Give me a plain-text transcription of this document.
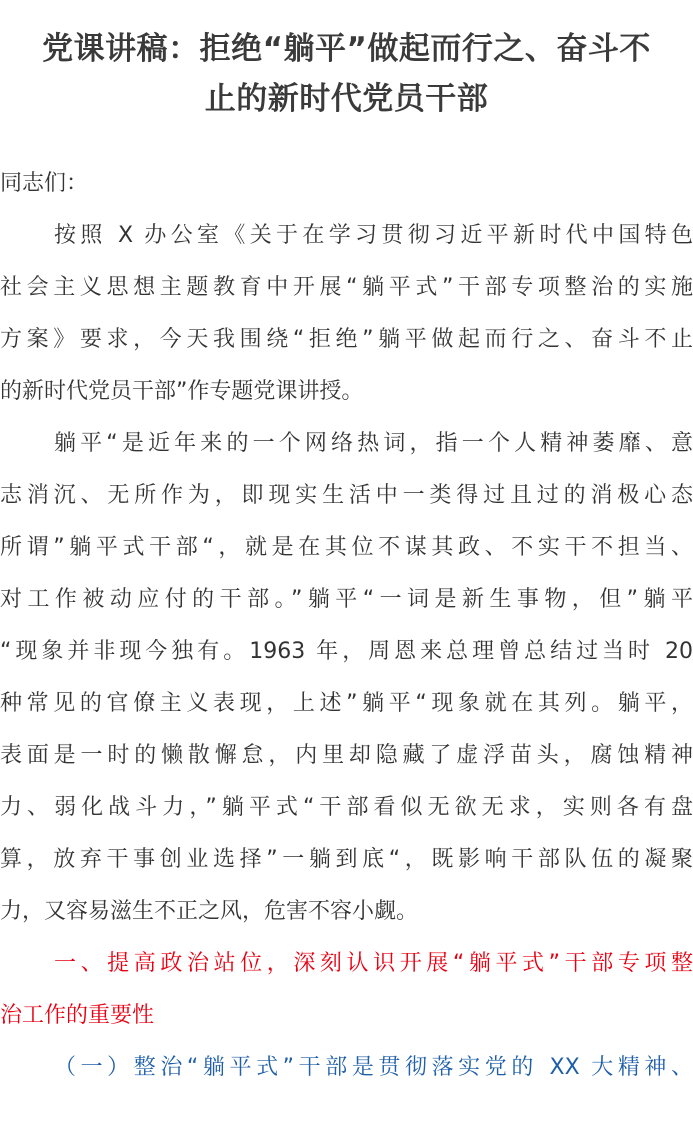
党课讲稿：拒绝“躺平”做起而行之、奋斗不
止的新时代党员干部

同志们：

按照 X 办公室《关于在学习贯彻习近平新时代中国特色
社会主义思想主题教育中开展“躺平式”干部专项整治的实施
方案》要求，今天我围绕“拒绝”躺平做起而行之、奋斗不止
的新时代党员干部”作专题党课讲授。

躺平“是近年来的一个网络热词，指一个人精神萎靡、意
志消沉、无所作为，即现实生活中一类得过且过的消极心态
所谓”躺平式干部“，就是在其位不谋其政、不实干不担当、
对工作被动应付的干部。”躺平“一词是新生事物，但”躺平
“现象并非现今独有。1963 年，周恩来总理曾总结过当时 20
种常见的官僚主义表现，上述”躺平“现象就在其列。躺平，
表面是一时的懒散懈怠，内里却隐藏了虚浮苗头，腐蚀精神
力、弱化战斗力，”躺平式“干部看似无欲无求，实则各有盘
算，放弃干事创业选择”一躺到底“，既影响干部队伍的凝聚
力，又容易滋生不正之风，危害不容小觑。

一、提高政治站位，深刻认识开展“躺平式”干部专项整
治工作的重要性

（一）整治“躺平式”干部是贯彻落实党的 XX 大精神、
